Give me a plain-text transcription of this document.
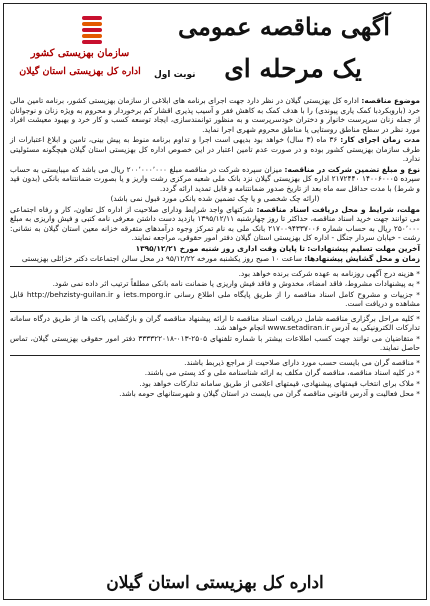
آگهی مناقصه عمومی
یک مرحله ای
نوبت اول
سازمان بهزیستی کشور
اداره کل بهزیستی استان گیلان

موضوع مناقصه: اداره کل بهزیستی گیلان در نظر دارد جهت اجرای برنامه های ابلاغی از سازمان بهزیستی کشور، برنامه تامین مالی خرد (باروبکردبا کمک یاری پیوندی) را با هدف کمک به کاهش فقر و آسیب پذیری اقشار کم برخوردار و محروم به ویژه زنان و نوجوانان از جمله زنان سرپرست خانوار و دختران خودسرپرست و به منظور توانمندسازی، ایجاد توسعه کسب و کار خرد و بهبود معیشت افراد مورد نظر در سطح مناطق روستایی یا مناطق محروم شهری اجرا نماید.

مدت زمان اجرای کار: ۳۶ ماه (۳ سال) خواهد بود بدیهی است اجرا و تداوم برنامه منوط به پیش بینی، تامین و ابلاغ اعتبارات از طرف سازمان بهزیستی کشور بوده و در صورت عدم تامین اعتبار در این خصوص اداره کل بهزیستی استان گیلان هیچگونه مسئولیتی ندارد.

نوع و مبلغ تضمین شرکت در مناقصه: میزان سپرده شرکت در مناقصه مبلغ ۲۰۰٬۰۰۰٬۰۰۰ ریال می باشد که میبایستی به حساب سپرده ۱۴۰۰۶۰۰۰۵ ۲۱۷۲۴۴۰ اداره کل بهزیستی گیلان نزد بانک ملی شعبه مرکزی رشت واریز و یا بصورت ضمانتنامه بانکی (بدون قید و شرط) با مدت حداقل سه ماه بعد از تاریخ صدور ضمانتنامه و قابل تمدید ارائه گردد.

(ارائه چک شخصی و یا چک تضمین شده بانکی مورد قبول نمی باشد)

مهلت، شرایط و محل دریافت اسناد مناقصه: شرکتهای واجد شرایط ودارای صلاحیت از اداره کل تعاون، کار و رفاه اجتماعی می توانند جهت خرید اسناد مناقصه، حداکثر تا روز چهارشنبه ۱۳۹۵/۱۲/۱۱ بازدید دست داشتن معرفی نامه کتبی و فیش واریزی به مبلغ ۲۵۰٬۰۰۰ ریال به حساب شماره ۲۱۷۰۰۹۴۳۳۷۰۰۶ بانک ملی به نام تمرکز وجوه درآمدهای متفرقه خزانه معین استان گیلان به نشانی: رشت - خیابان سردار جنگل - اداره کل بهزیستی استان گیلان دفتر امور حقوقی، مراجعه نمایند.

آخرین مهلت تسلیم پیشنهادات: تا پایان وقت اداری روز شنبه مورخ ۱۳۹۵/۱۲/۲۱

زمان و محل گشایش پیشنهادها: ساعت ۱۰ صبح روز یکشنبه مورخه ۹۵/۱۲/۲۲ در محل سالن اجتماعات دکتر خزائلی بهزیستی

* هزینه درج آگهی روزنامه به عهده شرکت برنده خواهد بود.

* به پیشنهادات مشروط، فاقد امضاء، مخدوش و فاقد فیش واریزی یا ضمانت نامه بانکی مطلقاً ترتیب اثر داده نمی شود.

* جزییات و مشروح کامل اسناد مناقصه را از طریق پایگاه ملی اطلاع رسانی iets.mporg.ir و http://behzisty-guilan.ir قابل مشاهده و دریافت است.

* کلیه مراحل برگزاری مناقصه شامل دریافت اسناد مناقصه تا ارائه پیشنهاد مناقصه گران و بازگشایی پاکت ها از طریق درگاه سامانه تدارکات الکترونیکی به آدرس www.setadiran.ir انجام خواهد شد.

* متقاضیان می توانند جهت کسب اطلاعات بیشتر با شماره تلفنهای ۲۵۰۵-۰۱۳-۳۳۳۳۲۲۰۱۸ دفتر امور حقوقی بهزیستی گیلان، تماس حاصل نمایند.

* مناقصه گران می بایست حسب مورد دارای صلاحیت از مراجع ذیربط باشند.

* در کلیه اسناد مناقصه، مناقصه گران مکلف به ارائه شناسنامه ملی و کد پستی می باشند.

* ملاک برای انتخاب قیمتهای پیشنهادی، قیمتهای اعلامی از طریق سامانه تدارکات خواهد بود.

* محل فعالیت و آدرس قانونی مناقصه گران می بایست در استان گیلان و شهرستانهای حومه باشد.

اداره کل بهزیستی استان گیلان
